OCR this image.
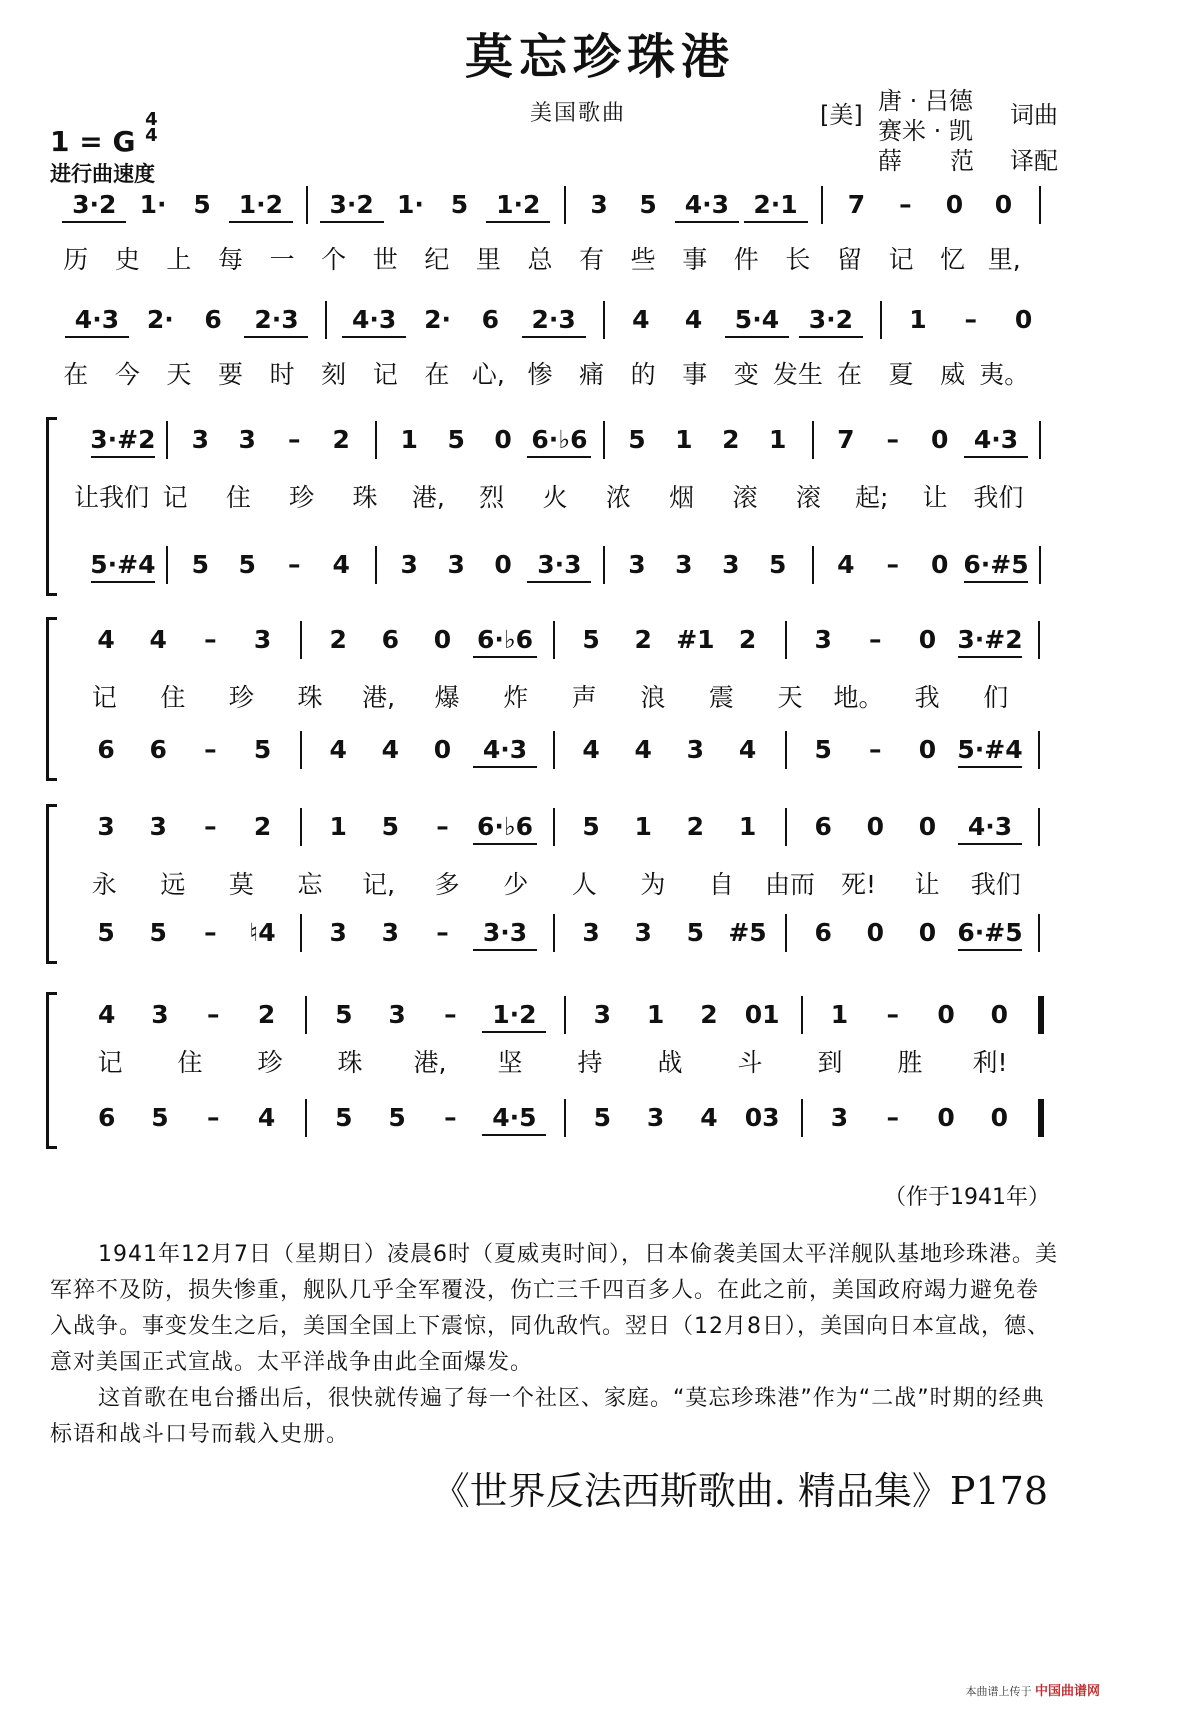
莫忘珍珠港
美国歌曲
1 = G $^{4 4}$
进行曲速度
[美] 唐 · 吕德 词曲
赛米 · 凯
薛　　范 译配
3·2 1· 5 1·2 3·2 1· 5 1·2 3 5 4·3 2·1 7 – 0 0
历 史 上 每 一 个 世 纪 里 总 有 些 事 件 长 留 记 忆 里,
4·3 2· 6 2·3 4·3 2· 6 2·3 4 4 5·4 3·2 1 – 0
在 今 天 要 时 刻 记 在 心, 惨 痛 的 事 变 发生 在 夏 威 夷。
3·#2 3 3 – 2 1 5 0 6·♭6 5 1 2 1 7 – 0 4·3
让我们 记 住 珍 珠 港, 烈 火 浓 烟 滚 滚 起; 让 我们
5·#4 5 5 – 4 3 3 0 3·3 3 3 3 5 4 – 0 6·#5
4 4 – 3 2 6 0 6·♭6 5 2 #1 2 3 – 0 3·#2
记 住 珍 珠 港, 爆 炸 声 浪 震 天 地。 我 们
6 6 – 5 4 4 0 4·3 4 4 3 4 5 – 0 5·#4
3 3 – 2 1 5 – 6·♭6 5 1 2 1 6 0 0 4·3
永 远 莫 忘 记, 多 少 人 为 自 由而 死! 让 我们
5 5 – ♮4 3 3 – 3·3 3 3 5 #5 6 0 0 6·#5
4 3 – 2 5 3 – 1·2 3 1 2 01 1 – 0 0
记 住 珍 珠 港, 坚 持 战 斗 到 胜 利!
6 5 – 4 5 5 – 4·5 5 3 4 03 3 – 0 0
（作于1941年）

1941年12月7日（星期日）凌晨6时（夏威夷时间），日本偷袭美国太平洋舰队基地珍珠港。美军猝不及防，损失惨重，舰队几乎全军覆没，伤亡三千四百多人。在此之前，美国政府竭力避免卷入战争。事变发生之后，美国全国上下震惊，同仇敌忾。翌日（12月8日），美国向日本宣战，德、意对美国正式宣战。太平洋战争由此全面爆发。

这首歌在电台播出后，很快就传遍了每一个社区、家庭。“莫忘珍珠港”作为“二战”时期的经典标语和战斗口号而载入史册。

《世界反法西斯歌曲. 精品集》P178
本曲谱上传于 中国曲谱网
